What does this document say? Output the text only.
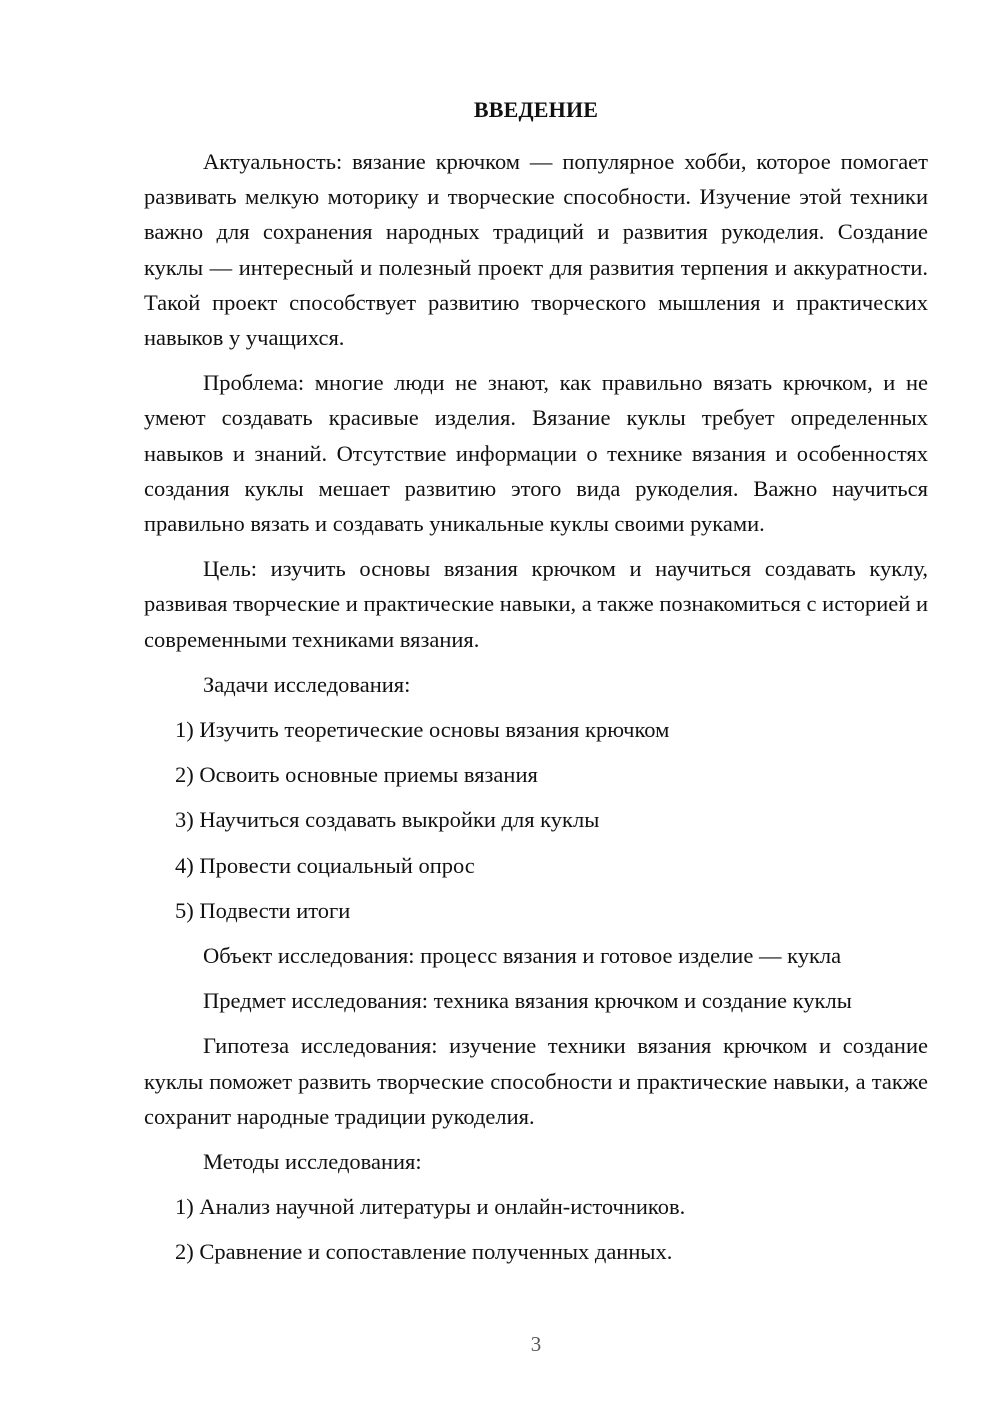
ВВЕДЕНИЕ

Актуальность: вязание крючком — популярное хобби, которое помогает развивать мелкую моторику и творческие способности. Изучение этой техники важно для сохранения народных традиций и развития рукоделия. Создание куклы — интересный и полезный проект для развития терпения и аккуратности. Такой проект способствует развитию творческого мышления и практических навыков у учащихся.

Проблема: многие люди не знают, как правильно вязать крючком, и не умеют создавать красивые изделия. Вязание куклы требует определенных навыков и знаний. Отсутствие информации о технике вязания и особенностях создания куклы мешает развитию этого вида рукоделия. Важно научиться правильно вязать и создавать уникальные куклы своими руками.

Цель: изучить основы вязания крючком и научиться создавать куклу, развивая творческие и практические навыки, а также познакомиться с историей и современными техниками вязания.

Задачи исследования:
1) Изучить теоретические основы вязания крючком
2) Освоить основные приемы вязания
3) Научиться создавать выкройки для куклы
4) Провести социальный опрос
5) Подвести итоги
Объект исследования: процесс вязания и готовое изделие — кукла
Предмет исследования: техника вязания крючком и создание куклы

Гипотеза исследования: изучение техники вязания крючком и создание куклы поможет развить творческие способности и практические навыки, а также сохранит народные традиции рукоделия.

Методы исследования:
1) Анализ научной литературы и онлайн-источников.
2) Сравнение и сопоставление полученных данных.
3
